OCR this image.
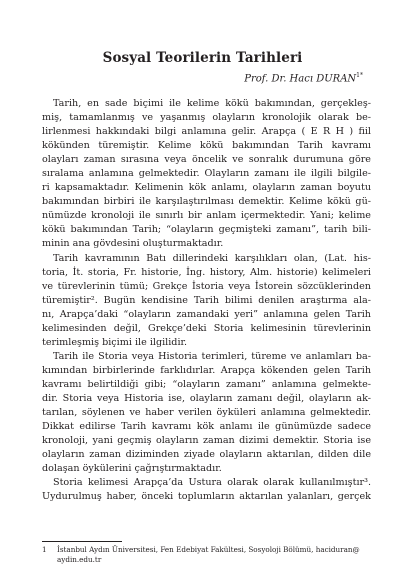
Sosyal Teorilerin Tarihleri
Prof. Dr. Hacı $DURAN^{1*}$
Tarih, en sade biçimi ile kelime kökü bakımından, gerçekleş-
miş, tamamlanmış ve yaşanmış olayların kronolojik olarak be-
lirlenmesi hakkındaki bilgi anlamına gelir. Arapça ( E R H ) fiil
kökünden türemiştir. Kelime kökü bakımından Tarih kavramı
olayları zaman sırasına veya öncelik ve sonralık durumuna göre
sıralama anlamına gelmektedir. Olayların zamanı ile ilgili bilgile-
ri kapsamaktadır. Kelimenin kök anlamı, olayların zaman boyutu
bakımından birbiri ile karşılaştırılması demektir. Kelime kökü gü-
nümüzde kronoloji ile sınırlı bir anlam içermektedir. Yani; kelime
kökü bakımından Tarih; “olayların geçmişteki zamanı”, tarih bili-
minin ana gövdesini oluşturmaktadır.
Tarih kavramının Batı dillerindeki karşılıkları olan, (Lat. his-
toria, İt. storia, Fr. historie, İng. history, Alm. historie) kelimeleri
ve türevlerinin tümü; Grekçe İstoria veya İstorein sözcüklerinden
türemiştir². Bugün kendisine Tarih bilimi denilen araştırma ala-
nı, Arapça’daki “olayların zamandaki yeri” anlamına gelen Tarih
kelimesinden değil, Grekçe’deki Storia kelimesinin türevlerinin
terimleşmiş biçimi ile ilgilidir.
Tarih ile Storia veya Historia terimleri, türeme ve anlamları ba-
kımından birbirlerinde farklıdırlar. Arapça kökenden gelen Tarih
kavramı belirtildiği gibi; “olayların zamanı” anlamına gelmekte-
dir. Storia veya Historia ise, olayların zamanı değil, olayların ak-
tarılan, söylenen ve haber verilen öyküleri anlamına gelmektedir.
Dikkat edilirse Tarih kavramı kök anlamı ile günümüzde sadece
kronoloji, yani geçmiş olayların zaman dizimi demektir. Storia ise
olayların zaman diziminden ziyade olayların aktarılan, dilden dile
dolaşan öykülerini çağrıştırmaktadır.
Storia kelimesi Arapça’da Ustura olarak olarak kullanılmıştır³.
Uydurulmuş haber, önceki toplumların aktarılan yalanları, gerçek
1 İstanbul Aydın Üniversitesi, Fen Edebiyat Fakültesi, Sosyoloji Bölümü, haciduran@
aydin.edu.tr
